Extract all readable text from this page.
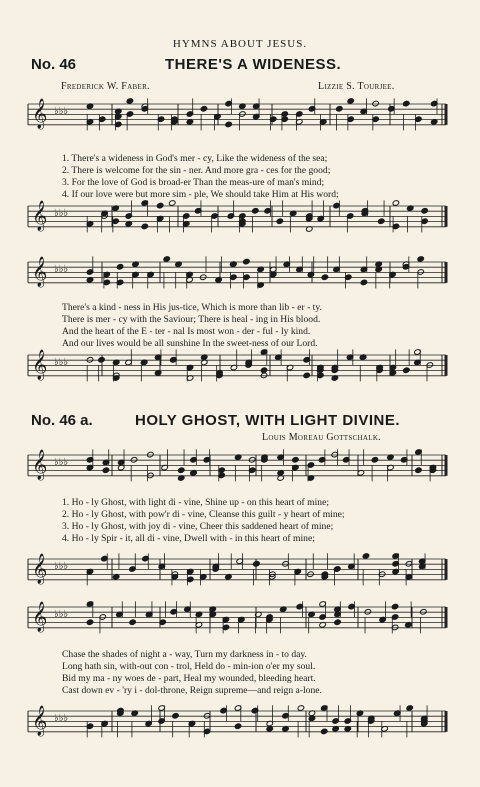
HYMNS ABOUT JESUS.
No. 46	THERE'S A WIDENESS.
Frederick W. Faber.	Lizzie S. Tourjee.
1. There's a wideness in God's mer - cy, Like the wideness of the sea;
2. There is welcome for the sin - ner. And more gra - ces for the good;
3. For the love of God is broad-er Than the meas-ure of man's mind;
4. If our love were but more sim - ple, We should take Him at His word;
There's a kind - ness in His jus-tice, Which is more than lib - er - ty.
There is mer - cy with the Saviour; There is heal - ing in His blood.
And the heart of the E - ter - nal Is most won - der - ful - ly kind.
And our lives would be all sunshine In the sweet-ness of our Lord.
No. 46 a.	HOLY GHOST, WITH LIGHT DIVINE.
Louis Moreau Gottschalk.
1. Ho - ly Ghost, with light di - vine, Shine up - on this heart of mine;
2. Ho - ly Ghost, with pow'r di - vine, Cleanse this guilt - y heart of mine;
3. Ho - ly Ghost, with joy di - vine, Cheer this saddened heart of mine;
4. Ho - ly Spir - it, all di - vine, Dwell with - in this heart of mine;
Chase the shades of night a - way, Turn my darkness in - to day.
Long hath sin, with-out con - trol, Held do - min-ion o'er my soul.
Bid my ma - ny woes de - part, Heal my wounded, bleeding heart.
Cast down ev - 'ry i - dol-throne, Reign supreme—and reign a-lone.
𝄞 ♭♭♭
𝄞 ♭♭♭
𝄞 ♭♭♭
𝄞 ♭♭♭
𝄞 ♭♭♭
𝄞 ♭♭♭
𝄞 ♭♭♭
𝄞 ♭♭♭
